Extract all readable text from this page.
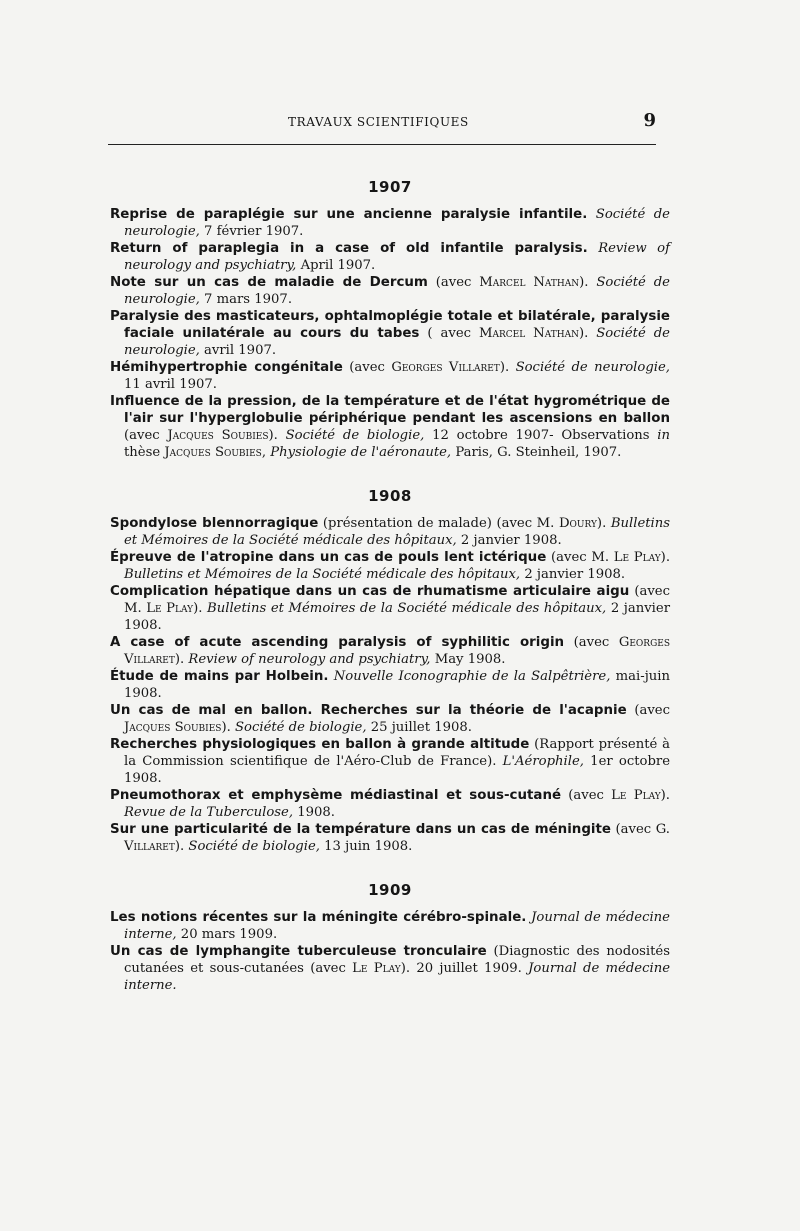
TRAVAUX SCIENTIFIQUES	9
1907
Reprise de paraplégie sur une ancienne paralysie infantile. Société de neurologie, 7 février 1907.
Return of paraplegia in a case of old infantile paralysis. Review of neurology and psychiatry, April 1907.
Note sur un cas de maladie de Dercum (avec Marcel Nathan). Société de neurologie, 7 mars 1907.
Paralysie des masticateurs, ophtalmoplégie totale et bilatérale, paralysie faciale unilatérale au cours du tabes ( avec Marcel Nathan). Société de neurologie, avril 1907.
Hémihypertrophie congénitale (avec Georges Villaret). Société de neurologie, 11 avril 1907.
Influence de la pression, de la température et de l'état hygrométrique de l'air sur l'hyperglobulie périphérique pendant les ascensions en ballon (avec Jacques Soubies). Société de biologie, 12 octobre 1907- Observations in thèse Jacques Soubies, Physiologie de l'aéronaute, Paris, G. Steinheil, 1907.
1908
Spondylose blennorragique (présentation de malade) (avec M. Doury). Bulletins et Mémoires de la Société médicale des hôpitaux, 2 janvier 1908.
Épreuve de l'atropine dans un cas de pouls lent ictérique (avec M. Le Play). Bulletins et Mémoires de la Société médicale des hôpitaux, 2 janvier 1908.
Complication hépatique dans un cas de rhumatisme articulaire aigu (avec M. Le Play). Bulletins et Mémoires de la Société médicale des hôpitaux, 2 janvier 1908.
A case of acute ascending paralysis of syphilitic origin (avec Georges Villaret). Review of neurology and psychiatry, May 1908.
Étude de mains par Holbein. Nouvelle Iconographie de la Salpêtrière, mai-juin 1908.
Un cas de mal en ballon. Recherches sur la théorie de l'acapnie (avec Jacques Soubies). Société de biologie, 25 juillet 1908.
Recherches physiologiques en ballon à grande altitude (Rapport présenté à la Commission scientifique de l'Aéro-Club de France). L'Aérophile, 1er octobre 1908.
Pneumothorax et emphysème médiastinal et sous-cutané (avec Le Play). Revue de la Tuberculose, 1908.
Sur une particularité de la température dans un cas de méningite (avec G. Villaret). Société de biologie, 13 juin 1908.
1909
Les notions récentes sur la méningite cérébro-spinale. Journal de médecine interne, 20 mars 1909.
Un cas de lymphangite tuberculeuse tronculaire (Diagnostic des nodosités cutanées et sous-cutanées (avec Le Play). 20 juillet 1909. Journal de médecine interne.
